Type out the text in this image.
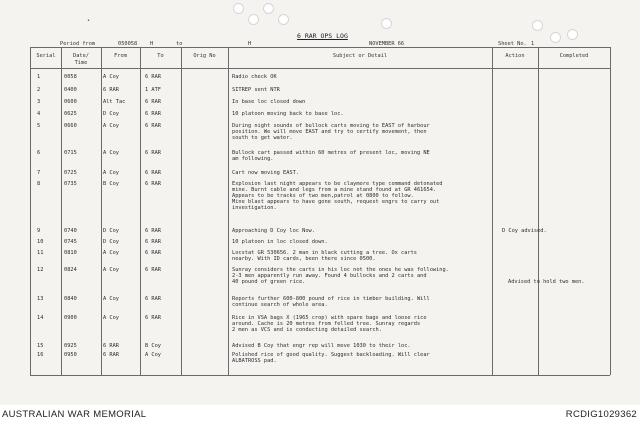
•
6 RAR OPS LOG
Period from	050058 H	to	H	NOVEMBER 66	Sheet No. 1
Serial	Date/ Time
From	To	Orig No	Subject or Detail	Action	Completed
1	0058	A Coy	6 RAR	Radio check OK
2	0400	6 RAR	1 ATF	SITREP sent NTR
3	0600	Alt Tac	6 RAR	In base loc closed down
4	0625	D Coy	6 RAR	10 platoon moving back to base loc.
5	0660	A Coy	6 RAR	During night sounds of bullock carts moving to EAST of harbour
position. We will move EAST and try to certify movement, then
south to get water.
6	0715	A Coy	6 RAR	Bullock cart passed within 60 metres of present loc, moving NE
am following.
7	0725	A Coy	6 RAR	Cart now moving EAST.
8	0735	B Coy	6 RAR	Explosion last night appears to be claymore type command detonated
mine. Burnt cable and legs from a mine stand found at GR 461654.
Appears to be tracks of two men,patrol at 0800 to follow.
Mine blast appears to have gone south, request engrs to carry out
investigation.
9	0740	D Coy	6 RAR	Approaching D Coy loc Now.	D Coy advised.
10	0745	D Coy	6 RAR	10 platoon in loc closed down.
11	0810	A Coy	6 RAR	Locstat GR 530656. 2 man in black cutting a tree. Ox carts
nearby. With ID cards, been there since 0500.
12	0824	A Coy	6 RAR	Sunray considers the carts in his loc not the ones he was following.
2-3 men apparently run away. Found 4 bullocks and 2 carts and
40 pound of green rice.	Advised to hold two men.
13	0840	A Coy	6 RAR	Reports further 600-800 pound of rice in timber building. Will
continue search of whole area.
14	0900	A Coy	6 RAR	Rice in VSA bags X (1965 crop) with spare bags and loose rice
around. Cache is 20 metres from felled tree. Sunray regards
2 men as VCS and is conducting detailed search.
15	0925	6 RAR	B Coy	Advised B Coy that engr rep will move 1030 to their loc.
16	0950	6 RAR	A Coy	Polished rice of good quality. Suggest backloading. Will clear
ALBATROSS pad.
AUSTRALIAN WAR MEMORIAL	RCDIG1029362
